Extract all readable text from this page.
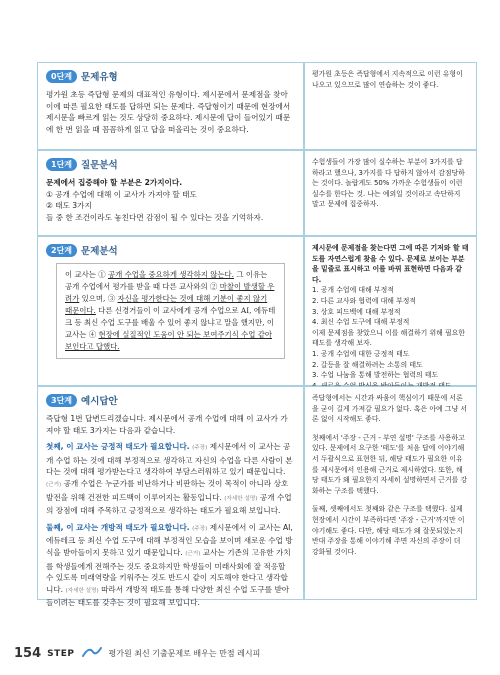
0단계 문제유형

평가원 초등 즉답형 문제의 대표적인 유형이다. 제시문에서 문제점을 찾아 이에 따른 필요한 태도를 답하면 되는 문제다. 즉답형이기 때문에 현장에서 제시문을 빠르게 읽는 것도 상당히 중요하다. 제시문에 답이 들어있기 때문에 한 번 읽을 때 꼼꼼하게 읽고 답을 떠올리는 것이 중요하다.

평가원 초등은 즉답형에서 지속적으로 이런 유형이 나오고 있으므로 많이 연습하는 것이 좋다.

1단계 질문분석

문제에서 집중해야 할 부분은 2가지이다.

① 공개 수업에 대해 이 교사가 가져야 할 태도

② 태도 3가지

들 중 한 조건이라도 놓친다면 감점이 될 수 있다는 것을 기억하자.

수험생들이 가장 많이 실수하는 부분이 3가지를 답하라고 했으나, 3가지를 다 답하지 않아서 감점당하는 것이다. 놀랍게도 50% 가까운 수험생들이 이런 실수를 한다는 것. 나는 예외일 것이라고 속단하지 말고 문제에 집중하자.

2단계 문제분석
이 교사는 ① 공개 수업을 중요하게 생각하지 않는다. 그 이유는 공개 수업에서 평가를 받을 때 다른 교사와의 ② 마찰이 발생할 우려가 있으며, ③ 자신을 평가한다는 것에 대해 기분이 좋지 않기 때문이다. 다른 신경거들이 이 교사에게 공개 수업으로 AI, 에듀테크 등 최신 수업 도구를 배울 수 있어 좋지 않냐고 말을 했지만, 이 교사는 ④ 현장에 실질적인 도움이 안 되는 보여주기식 수업 같아 보인다고 답했다.

제시문에 문제점을 찾는다면 그에 따른 기저와 할 태도를 자연스럽게 찾을 수 있다. 문제로 보이는 부분을 밑줄로 표시하고 이를 바꿔 표현하면 다음과 같다.

1. 공개 수업에 대해 부정적

2. 다른 교사와 협력에 대해 부정적

3. 상호 피드백에 대해 부정적

4. 최신 수업 도구에 대해 부정적

이제 문제점을 찾았으니 이를 해결하기 위해 필요한 태도를 생각해 보자.

1. 공개 수업에 대한 긍정적 태도

2. 갈등을 잘 해결하려는 소통의 태도

3. 수업 나눔을 통해 발전하는 협력의 태도

3단계 예시답안

즉답형 1번 답변드리겠습니다. 제시문에서 공개 수업에 대해 이 교사가 가져야 할 태도 3가지는 다음과 같습니다.

첫째, 이 교사는 긍정적 태도가 필요합니다. (주장) 제시문에서 이 교사는 공개 수업 하는 것에 대해 부정적으로 생각하고 자신의 수업을 다른 사람이 본다는 것에 대해 평가받는다고 생각하여 부담스러워하고 있기 때문입니다. (근거) 공개 수업은 누군가를 비난하거나 비판하는 것이 목적이 아니라 상호 발전을 위해 건전한 피드백이 이루어지는 활동입니다. (자세한 설명) 공개 수업의 장점에 대해 주목하고 긍정적으로 생각하는 태도가 필요해 보입니다.

둘째, 이 교사는 개방적 태도가 필요합니다. (주장) 제시문에서 이 교사는 AI, 에듀테크 등 최신 수업 도구에 대해 부정적인 모습을 보이며 새로운 수업 방식을 받아들이지 못하고 있기 때문입니다. (근거) 교사는 기존의 고유한 가치를 학생들에게 전해주는 것도 중요하지만 학생들이 미래사회에 잘 적응할 수 있도록 미래역량을 키워주는 것도 반드시 같이 지도해야 한다고 생각합니다. (자세한 설명) 따라서 개방적 태도를 통해 다양한 최신 수업 도구를 받아들이려는 태도를 갖추는 것이 필요해 보입니다.

즉답형에서는 시간과 싸움이 핵심이기 때문에 서론을 굳이 길게 가져갈 필요가 없다. 혹은 아예 그냥 서론 없이 시작해도 좋다.

첫째에서 '주장 - 근거 - 부연 설명' 구조를 사용하고 있다. 문제에서 요구한 '태도'를 처음 답에 이야기해서 두괄식으로 표현한 뒤, 해당 태도가 필요한 이유를 제시문에서 인용해 근거로 제시하였다. 또한, 해당 태도가 왜 필요한지 자세히 설명하면서 근거를 강화하는 구조를 택했다.

둘째, 셋째에서도 첫째와 같은 구조를 택했다. 실제 현장에서 시간이 부족하다면 '주장 - 근거'까지만 이야기해도 좋다. 다만, 해당 태도가 왜 잘못되었는지 반대 주장을 통해 이야기해 주면 자신의 주장이 더 강화될 것이다.

154 STEP	평가원 최신 기출문제로 배우는 만점 레시피
